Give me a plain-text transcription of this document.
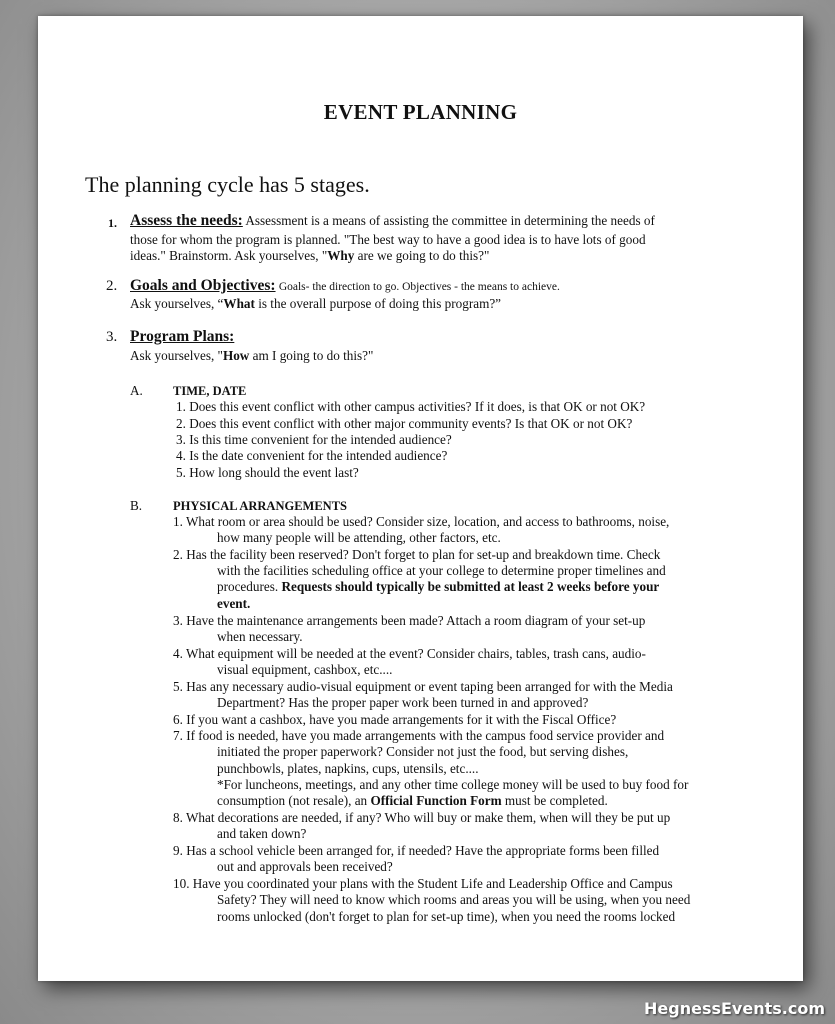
EVENT PLANNING
The planning cycle has 5 stages.
1. Assess the needs: Assessment is a means of assisting the committee in determining the needs of
those for whom the program is planned. "The best way to have a good idea is to have lots of good
ideas." Brainstorm. Ask yourselves, "Why are we going to do this?"
2. Goals and Objectives: Goals- the direction to go. Objectives - the means to achieve.
Ask yourselves, “What is the overall purpose of doing this program?”
3. Program Plans:
Ask yourselves, "How am I going to do this?"
A. TIME, DATE
1. Does this event conflict with other campus activities? If it does, is that OK or not OK?
2. Does this event conflict with other major community events? Is that OK or not OK?
3. Is this time convenient for the intended audience?
4. Is the date convenient for the intended audience?
5. How long should the event last?
B. PHYSICAL ARRANGEMENTS
1. What room or area should be used? Consider size, location, and access to bathrooms, noise,
how many people will be attending, other factors, etc.
2. Has the facility been reserved? Don't forget to plan for set-up and breakdown time. Check
with the facilities scheduling office at your college to determine proper timelines and
procedures. Requests should typically be submitted at least 2 weeks before your
event.
3. Have the maintenance arrangements been made? Attach a room diagram of your set-up
when necessary.
4. What equipment will be needed at the event? Consider chairs, tables, trash cans, audio-
visual equipment, cashbox, etc....
5. Has any necessary audio-visual equipment or event taping been arranged for with the Media
Department? Has the proper paper work been turned in and approved?
6. If you want a cashbox, have you made arrangements for it with the Fiscal Office?
7. If food is needed, have you made arrangements with the campus food service provider and
initiated the proper paperwork? Consider not just the food, but serving dishes,
punchbowls, plates, napkins, cups, utensils, etc....
*For luncheons, meetings, and any other time college money will be used to buy food for
consumption (not resale), an Official Function Form must be completed.
8. What decorations are needed, if any? Who will buy or make them, when will they be put up
and taken down?
9. Has a school vehicle been arranged for, if needed? Have the appropriate forms been filled
out and approvals been received?
10. Have you coordinated your plans with the Student Life and Leadership Office and Campus
Safety? They will need to know which rooms and areas you will be using, when you need
rooms unlocked (don't forget to plan for set-up time), when you need the rooms locked
HegnessEvents.com
